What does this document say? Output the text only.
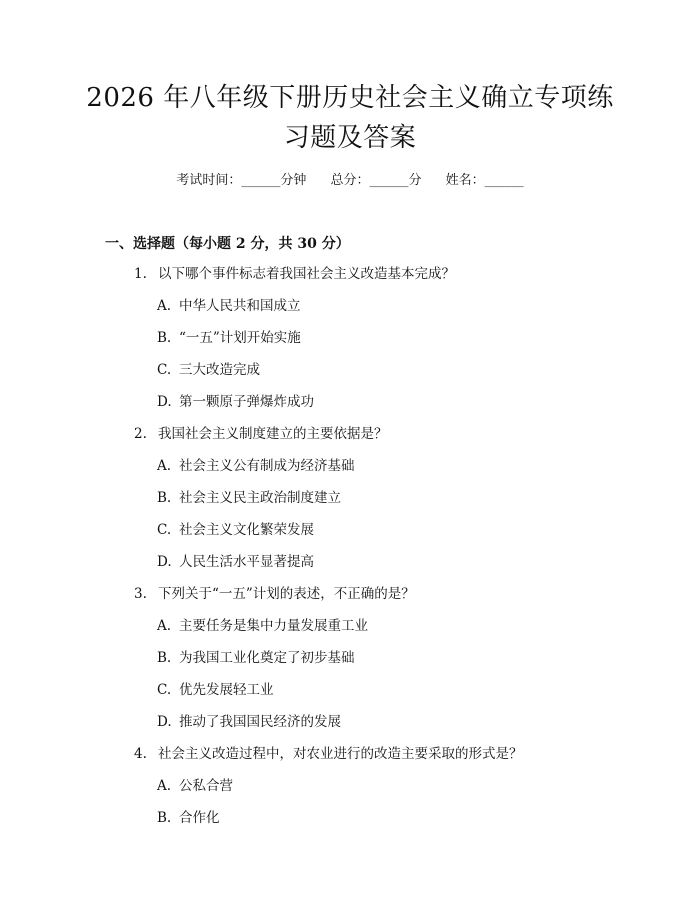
2026 年八年级下册历史社会主义确立专项练
习题及答案
考试时间：______分钟 总分：______分 姓名：______
一、选择题（每小题 2 分，共 30 分）
1. 以下哪个事件标志着我国社会主义改造基本完成？
A. 中华人民共和国成立
B. “一五”计划开始实施
C. 三大改造完成
D. 第一颗原子弹爆炸成功
2. 我国社会主义制度建立的主要依据是？
A. 社会主义公有制成为经济基础
B. 社会主义民主政治制度建立
C. 社会主义文化繁荣发展
D. 人民生活水平显著提高
3. 下列关于“一五”计划的表述，不正确的是？
A. 主要任务是集中力量发展重工业
B. 为我国工业化奠定了初步基础
C. 优先发展轻工业
D. 推动了我国国民经济的发展
4. 社会主义改造过程中，对农业进行的改造主要采取的形式是？
A. 公私合营
B. 合作化
